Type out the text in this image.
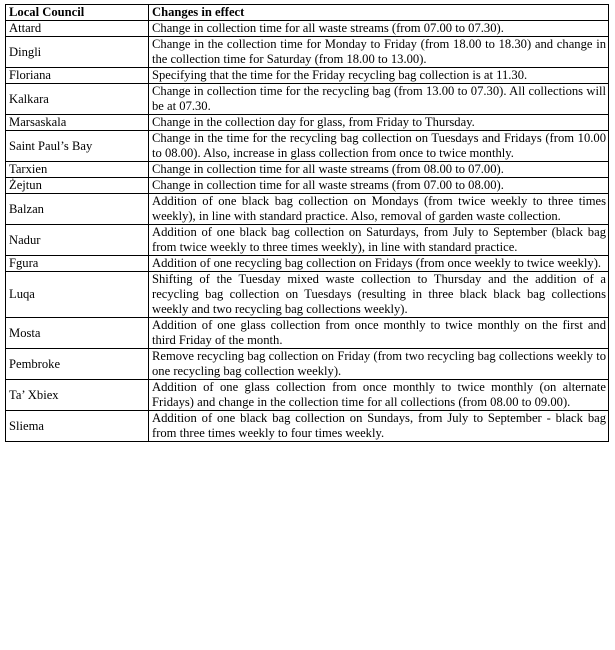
Local Council	Changes in effect
Attard	Change in collection time for all waste streams (from 07.00 to 07.30).
Dingli	Change in the collection time for Monday to Friday (from 18.00 to 18.30) and change in the collection time for Saturday (from 18.00 to 13.00).
Floriana	Specifying that the time for the Friday recycling bag collection is at 11.30.
Kalkara	Change in collection time for the recycling bag (from 13.00 to 07.30). All collections will be at 07.30.
Marsaskala	Change in the collection day for glass, from Friday to Thursday.
Saint Paul’s Bay	Change in the time for the recycling bag collection on Tuesdays and Fridays (from 10.00 to 08.00). Also, increase in glass collection from once to twice monthly.
Tarxien	Change in collection time for all waste streams (from 08.00 to 07.00).
Żejtun	Change in collection time for all waste streams (from 07.00 to 08.00).
Balzan	Addition of one black bag collection on Mondays (from twice weekly to three times weekly), in line with standard practice. Also, removal of garden waste collection.
Nadur	Addition of one black bag collection on Saturdays, from July to September (black bag from twice weekly to three times weekly), in line with standard practice.
Fgura	Addition of one recycling bag collection on Fridays (from once weekly to twice weekly).
Luqa	Shifting of the Tuesday mixed waste collection to Thursday and the addition of a recycling bag collection on Tuesdays (resulting in three black black bag collections weekly and two recycling bag collections weekly).
Mosta	Addition of one glass collection from once monthly to twice monthly on the first and third Friday of the month.
Pembroke	Remove recycling bag collection on Friday (from two recycling bag collections weekly to one recycling bag collection weekly).
Ta’ Xbiex	Addition of one glass collection from once monthly to twice monthly (on alternate Fridays) and change in the collection time for all collections (from 08.00 to 09.00).
Sliema	Addition of one black bag collection on Sundays, from July to September - black bag from three times weekly to four times weekly.
